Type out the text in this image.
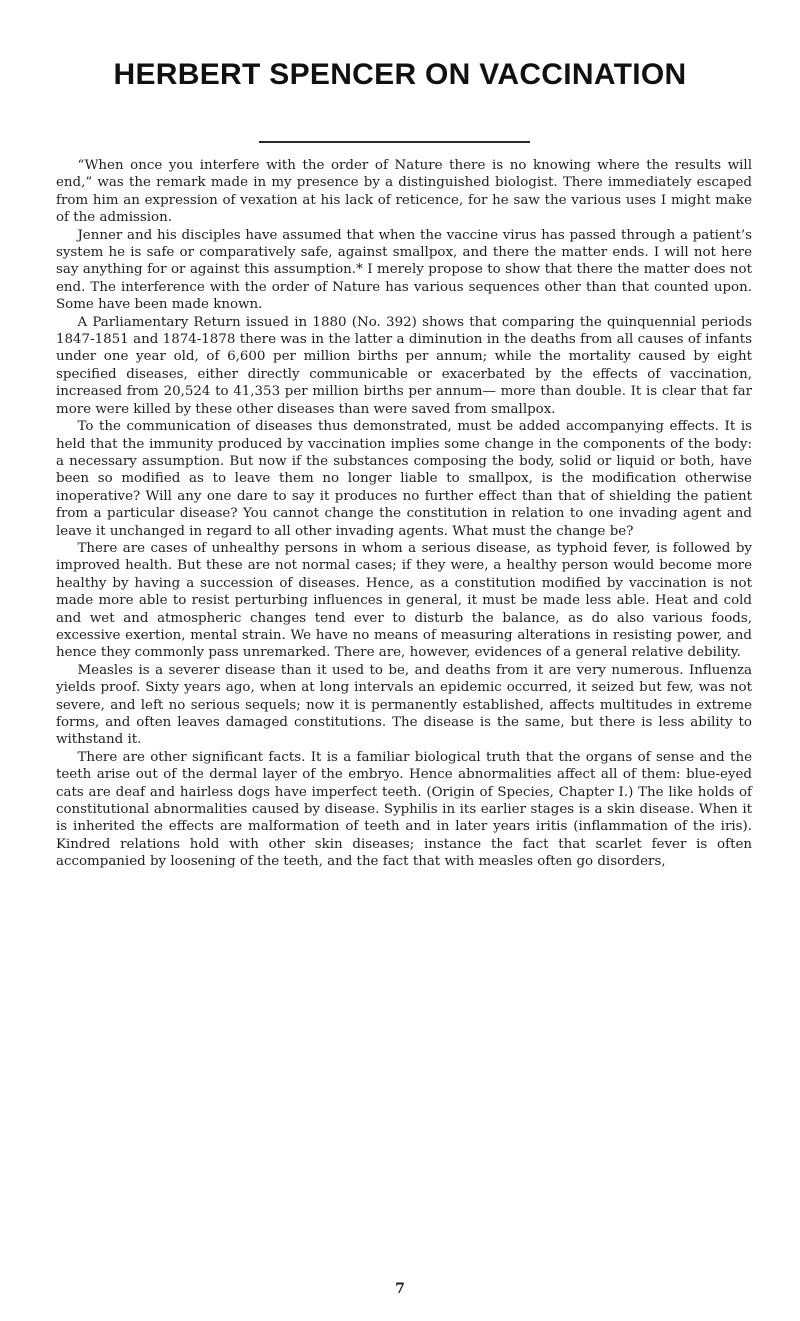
HERBERT SPENCER ON VACCINATION

“When once you interfere with the order of Nature there is no knowing where the results will end,” was the remark made in my presence by a distinguished biologist. There immediately escaped from him an expression of vexation at his lack of reticence, for he saw the various uses I might make of the admission.

Jenner and his disciples have assumed that when the vaccine virus has passed through a patient’s system he is safe or comparatively safe, against smallpox, and there the matter ends. I will not here say anything for or against this assumption.* I merely propose to show that there the matter does not end. The interference with the order of Nature has various sequences other than that counted upon. Some have been made known.

A Parliamentary Return issued in 1880 (No. 392) shows that comparing the quinquennial periods 1847-1851 and 1874-1878 there was in the latter a diminution in the deaths from all causes of infants under one year old, of 6,600 per million births per annum; while the mortality caused by eight specified diseases, either directly communicable or exacerbated by the effects of vaccination, increased from 20,524 to 41,353 per million births per annum— more than double. It is clear that far more were killed by these other diseases than were saved from smallpox.

To the communication of diseases thus demonstrated, must be added accompanying effects. It is held that the immunity produced by vaccination implies some change in the components of the body: a necessary assumption. But now if the substances composing the body, solid or liquid or both, have been so modified as to leave them no longer liable to smallpox, is the modification otherwise inoperative? Will any one dare to say it produces no further effect than that of shielding the patient from a particular disease? You cannot change the constitution in relation to one invading agent and leave it unchanged in regard to all other invading agents. What must the change be?

There are cases of unhealthy persons in whom a serious disease, as typhoid fever, is followed by improved health. But these are not normal cases; if they were, a healthy person would become more healthy by having a succession of diseases. Hence, as a constitution modified by vaccination is not made more able to resist perturbing influences in general, it must be made less able. Heat and cold and wet and atmospheric changes tend ever to disturb the balance, as do also various foods, excessive exertion, mental strain. We have no means of measuring alterations in resisting power, and hence they commonly pass unremarked. There are, however, evidences of a general relative debility.

Measles is a severer disease than it used to be, and deaths from it are very numerous. Influenza yields proof. Sixty years ago, when at long intervals an epidemic occurred, it seized but few, was not severe, and left no serious sequels; now it is permanently established, affects multitudes in extreme forms, and often leaves damaged constitutions. The disease is the same, but there is less ability to withstand it.

There are other significant facts. It is a familiar biological truth that the organs of sense and the teeth arise out of the dermal layer of the embryo. Hence abnormalities affect all of them: blue-eyed cats are deaf and hairless dogs have imperfect teeth. (Origin of Species, Chapter I.) The like holds of constitutional abnormalities caused by disease. Syphilis in its earlier stages is a skin disease. When it is inherited the effects are malformation of teeth and in later years iritis (inflammation of the iris). Kindred relations hold with other skin diseases; instance the fact that scarlet fever is often accompanied by loosening of the teeth, and the fact that with measles often go disorders,

7
